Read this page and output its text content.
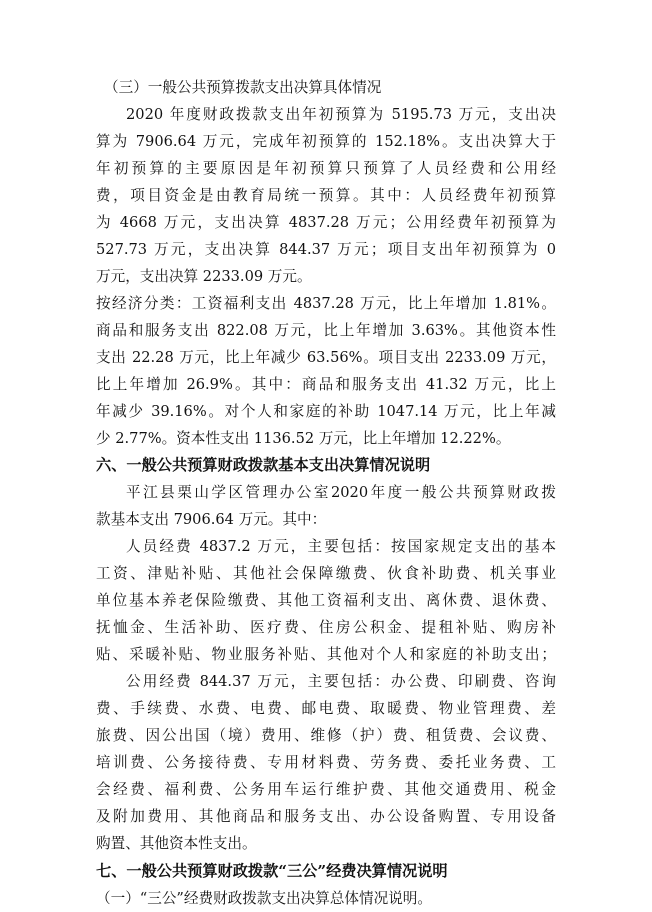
（三）一般公共预算拨款支出决算具体情况
2020 年度财政拨款支出年初预算为 5195.73 万元，支出决
算为 7906.64 万元，完成年初预算的 152.18%。支出决算大于
年初预算的主要原因是年初预算只预算了人员经费和公用经
费，项目资金是由教育局统一预算。其中：人员经费年初预算
为 4668 万元，支出决算 4837.28 万元；公用经费年初预算为
527.73 万元，支出决算 844.37 万元；项目支出年初预算为 0
万元，支出决算 2233.09 万元。
按经济分类：工资福利支出 4837.28 万元，比上年增加 1.81%。
商品和服务支出 822.08 万元，比上年增加 3.63%。其他资本性
支出 22.28 万元，比上年减少 63.56%。项目支出 2233.09 万元，
比上年增加 26.9%。其中：商品和服务支出 41.32 万元，比上
年减少 39.16%。对个人和家庭的补助 1047.14 万元，比上年减
少 2.77%。资本性支出 1136.52 万元，比上年增加 12.22%。
六、一般公共预算财政拨款基本支出决算情况说明
平江县栗山学区管理办公室2020年度一般公共预算财政拨
款基本支出 7906.64 万元。其中：
人员经费 4837.2 万元，主要包括：按国家规定支出的基本
工资、津贴补贴、其他社会保障缴费、伙食补助费、机关事业
单位基本养老保险缴费、其他工资福利支出、离休费、退休费、
抚恤金、生活补助、医疗费、住房公积金、提租补贴、购房补
贴、采暖补贴、物业服务补贴、其他对个人和家庭的补助支出；
公用经费 844.37 万元，主要包括：办公费、印刷费、咨询
费、手续费、水费、电费、邮电费、取暖费、物业管理费、差
旅费、因公出国（境）费用、维修（护）费、租赁费、会议费、
培训费、公务接待费、专用材料费、劳务费、委托业务费、工
会经费、福利费、公务用车运行维护费、其他交通费用、税金
及附加费用、其他商品和服务支出、办公设备购置、专用设备
购置、其他资本性支出。
七、一般公共预算财政拨款“三公”经费决算情况说明
（一）“三公”经费财政拨款支出决算总体情况说明。
